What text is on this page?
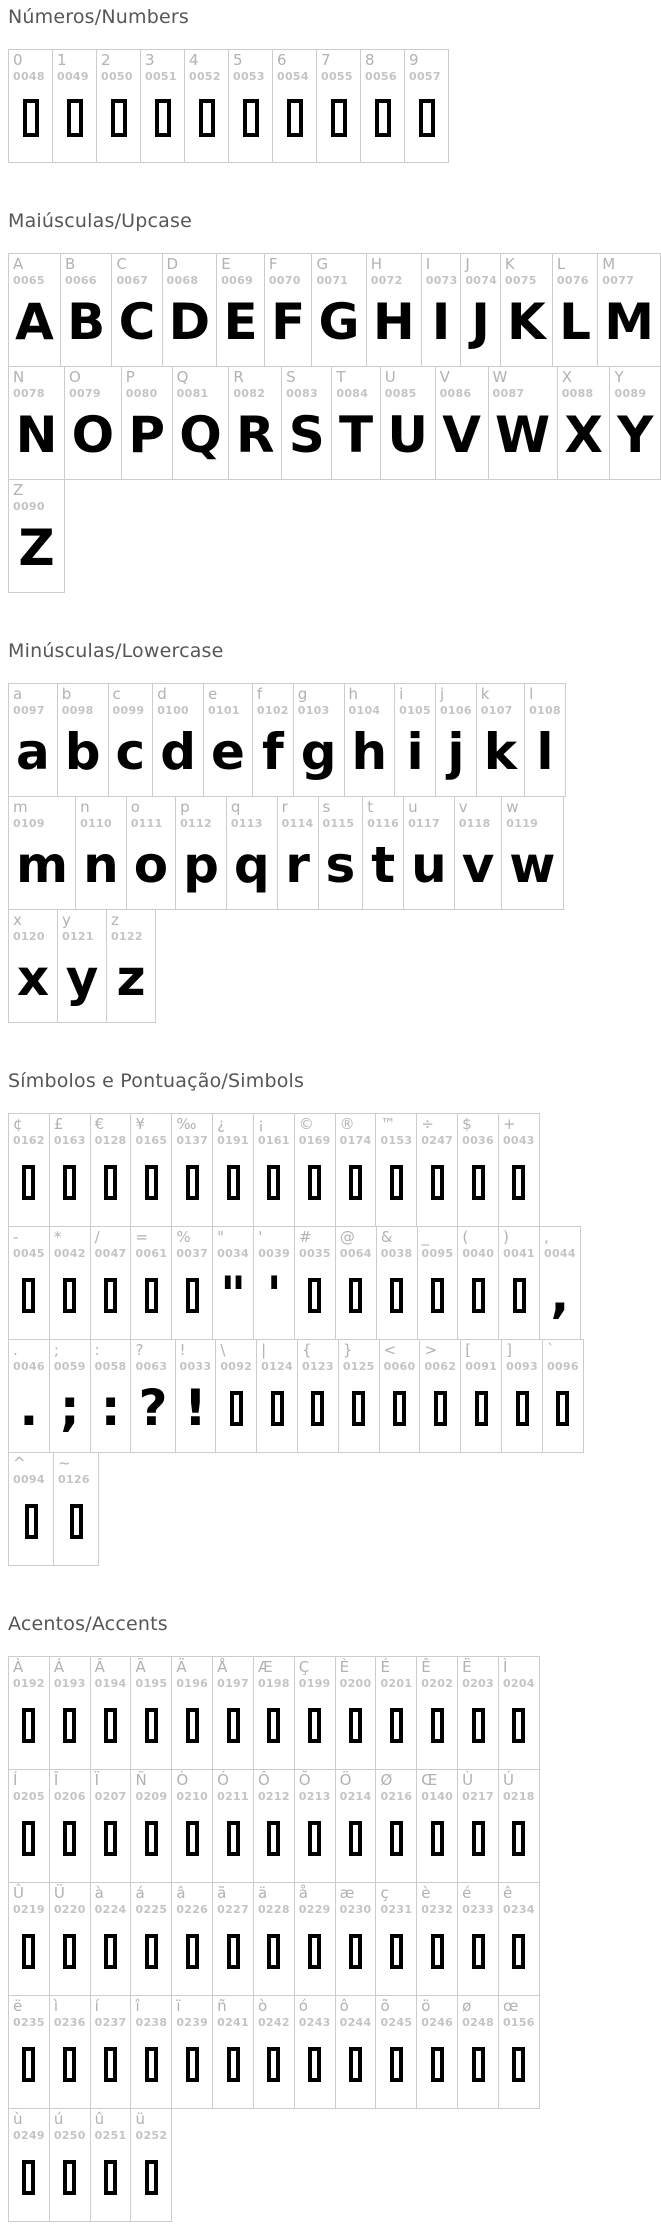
Números/Numbers
0
0048
1
0049
2
0050
3
0051
4
0052
5
0053
6
0054
7
0055
8
0056
9
0057
Maiúsculas/Upcase
A
0065
A
B
0066
B
C
0067
C
D
0068
D
E
0069
E
F
0070
F
G
0071
G
H
0072
H
I
0073
I
J
0074
J
K
0075
K
L
0076
L
M
0077
M
N
0078
N
O
0079
O
P
0080
P
Q
0081
Q
R
0082
R
S
0083
S
T
0084
T
U
0085
U
V
0086
V
W
0087
W
X
0088
X
Y
0089
Y
Z
0090
Z
Minúsculas/Lowercase
a
0097
a
b
0098
b
c
0099
c
d
0100
d
e
0101
e
f
0102
f
g
0103
g
h
0104
h
i
0105
i
j
0106
j
k
0107
k
l
0108
l
m
0109
m
n
0110
n
o
0111
o
p
0112
p
q
0113
q
r
0114
r
s
0115
s
t
0116
t
u
0117
u
v
0118
v
w
0119
w
x
0120
x
y
0121
y
z
0122
z
Símbolos e Pontuação/Simbols
¢
0162
£
0163
€
0128
¥
0165
‰
0137
¿
0191
¡
0161
©
0169
®
0174
™
0153
÷
0247
$
0036
+
0043
-
0045
*
0042
/
0047
=
0061
%
0037
"
0034
"
'
0039
'
#
0035
@
0064
&
0038
_
0095
(
0040
)
0041
,
0044
,
.
0046
.
;
0059
;
:
0058
:
?
0063
?
!
0033
!
\
0092
|
0124
{
0123
}
0125
<
0060
>
0062
[
0091
]
0093
`
0096
^
0094
~
0126
Acentos/Accents
À
0192
Á
0193
Â
0194
Ã
0195
Ä
0196
Å
0197
Æ
0198
Ç
0199
È
0200
É
0201
Ê
0202
Ë
0203
Ì
0204
Í
0205
Î
0206
Ï
0207
Ñ
0209
Ò
0210
Ó
0211
Ô
0212
Õ
0213
Ö
0214
Ø
0216
Œ
0140
Ù
0217
Ú
0218
Û
0219
Ü
0220
à
0224
á
0225
â
0226
ã
0227
ä
0228
å
0229
æ
0230
ç
0231
è
0232
é
0233
ê
0234
ë
0235
ì
0236
í
0237
î
0238
ï
0239
ñ
0241
ò
0242
ó
0243
ô
0244
õ
0245
ö
0246
ø
0248
œ
0156
ù
0249
ú
0250
û
0251
ü
0252
